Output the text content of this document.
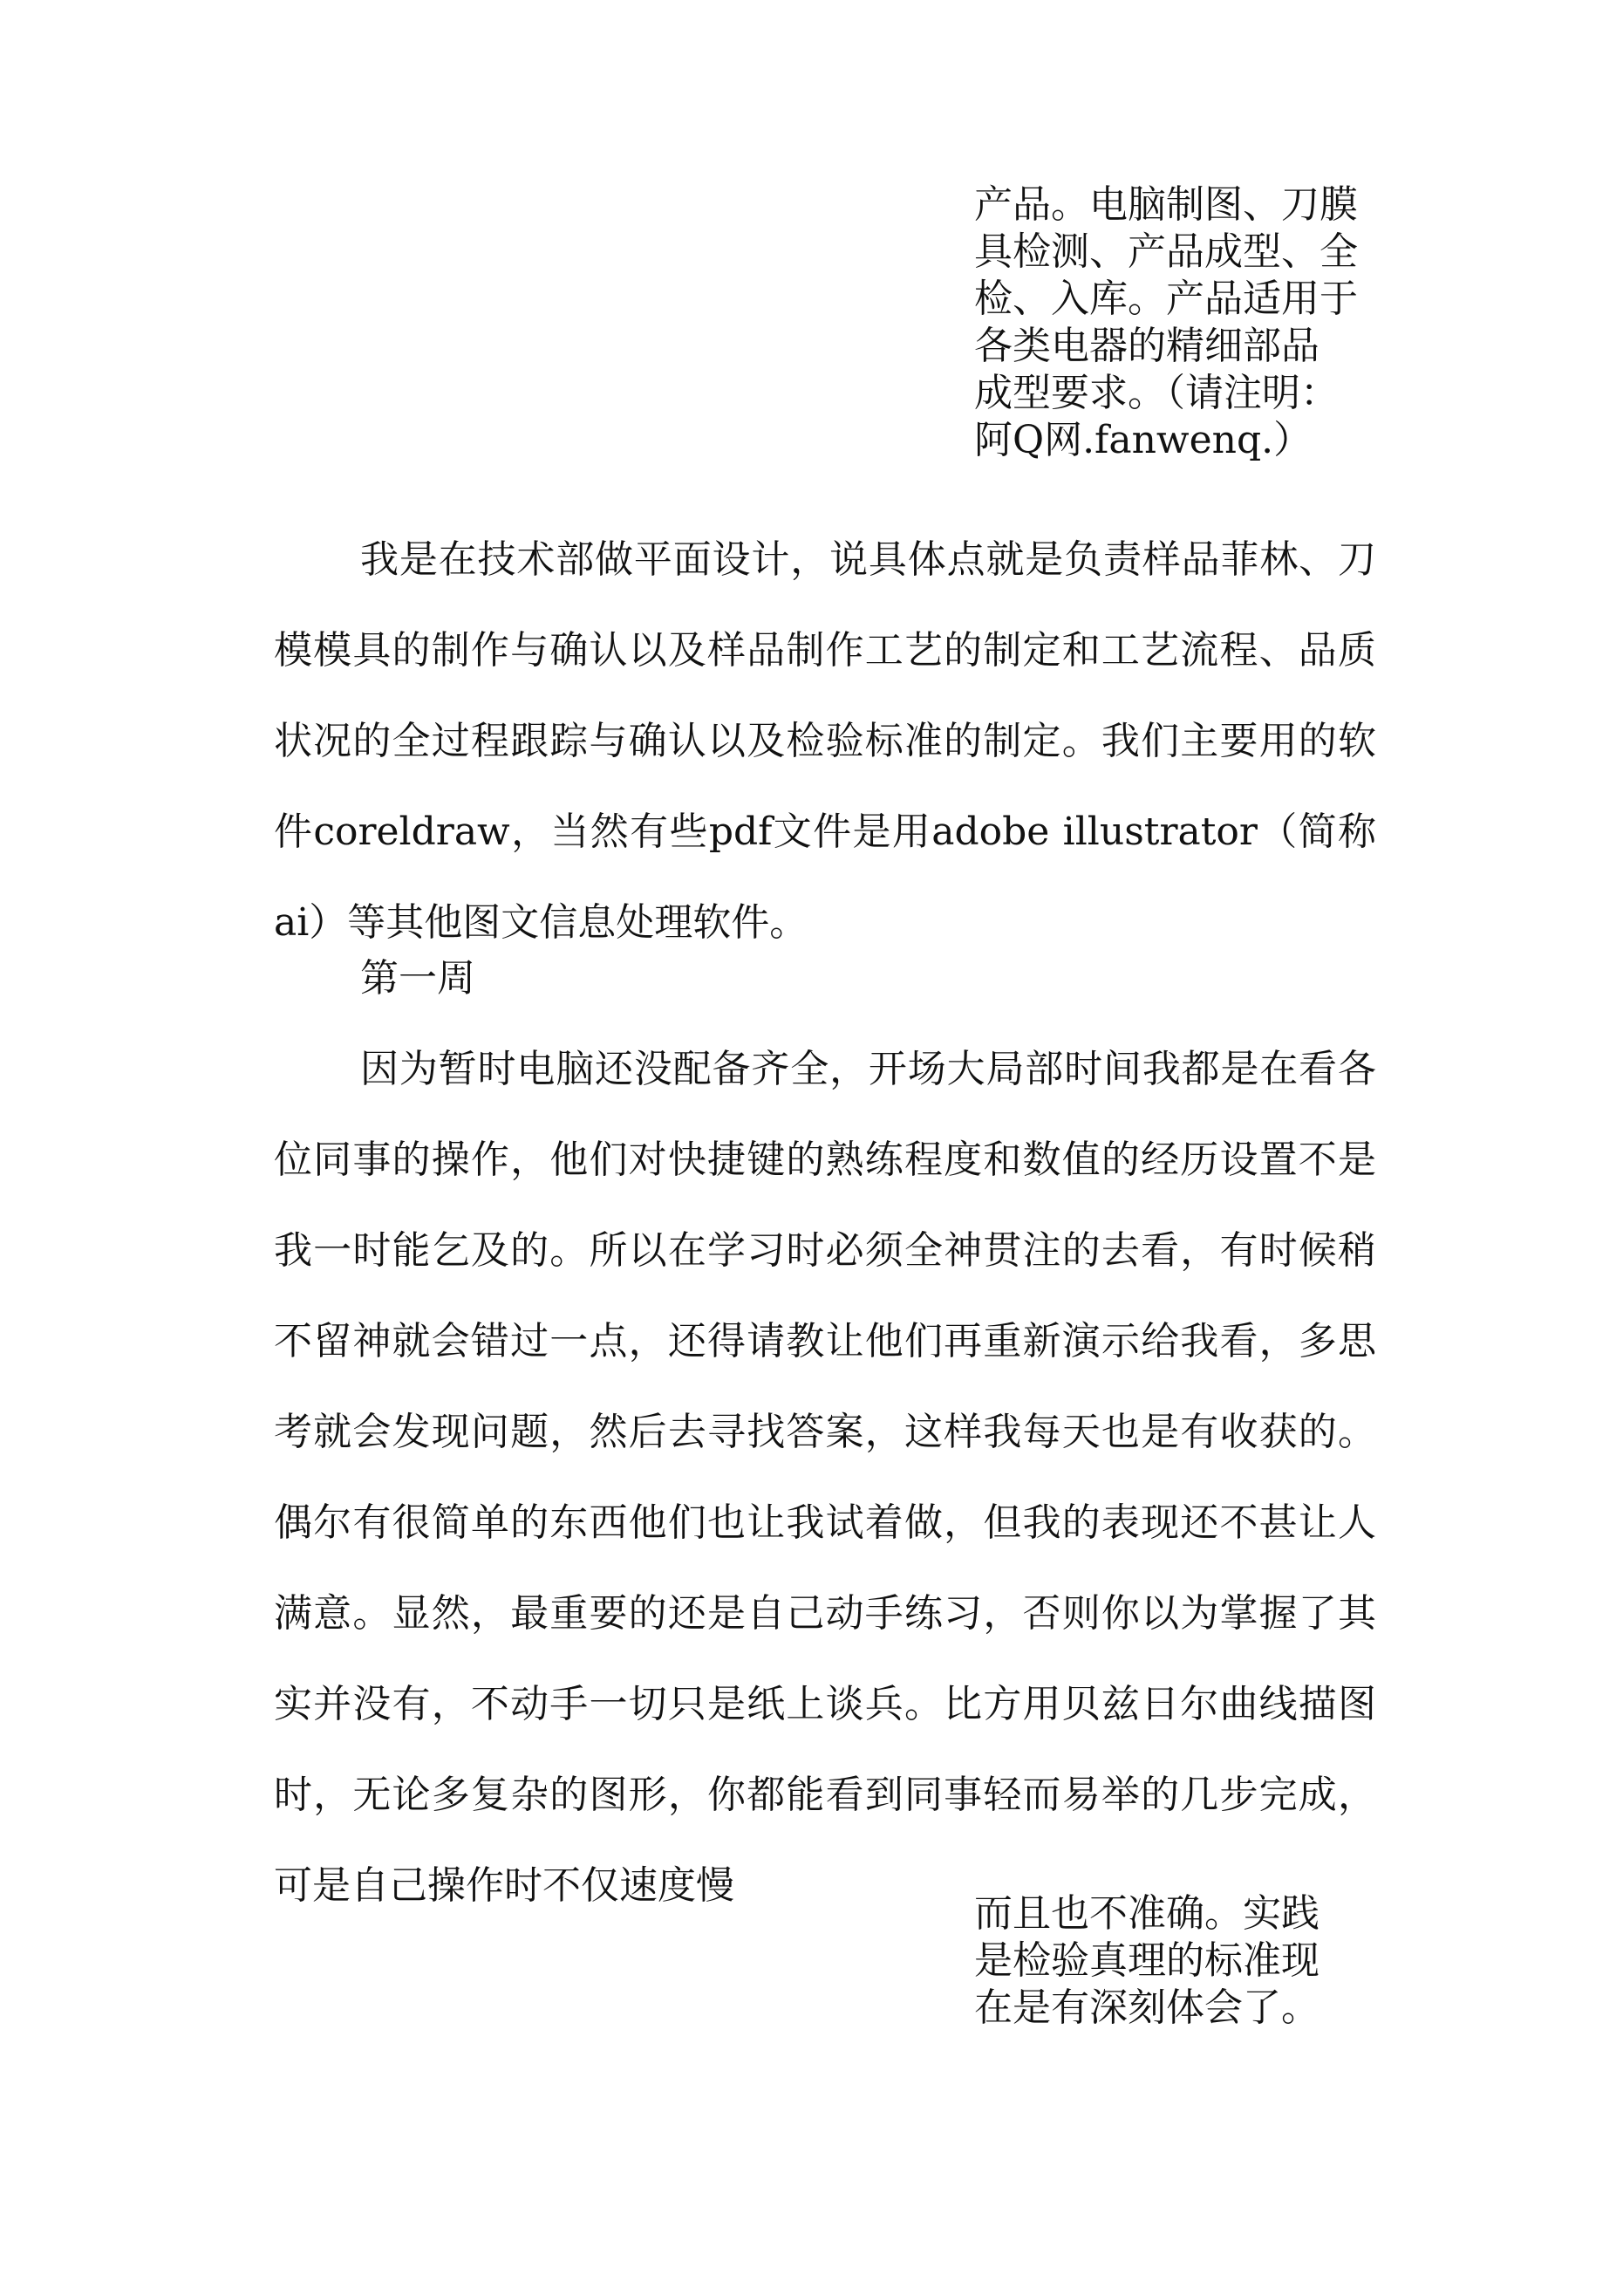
产品。电脑制图、刀膜
具检测、产品成型、全
检、入库。产品适用于
各类电器的精细部品
成型要求。（请注明：
阿Q网.fanwenq.）

我是在技术部做平面设计，说具体点就是负责样品菲林、刀模模具的制作与确认以及样品制作工艺的制定和工艺流程、品质状况的全过程跟踪与确认以及检验标准的制定。我们主要用的软件coreldraw，当然有些pdf文件是用adobe illustrator（简称ai）等其他图文信息处理软件。

第一周

因为暂时电脑还没配备齐全，开场大局部时间我都是在看各位同事的操作，他们对快捷键的熟练程度和数值的经历设置不是我一时能乞及的。所以在学习时必须全神贯注的去看，有时候稍不留神就会错过一点，还得请教让他们再重新演示给我看，多思考就会发现问题，然后去寻找答案，这样我每天也是有收获的。偶尔有很简单的东西他们也让我试着做，但我的表现还不甚让人满意。显然，最重要的还是自己动手练习，否则你以为掌握了其实并没有，不动手一切只是纸上谈兵。比方用贝兹日尔曲线描图时，无论多复杂的图形，你都能看到同事轻而易举的几步完成，可是自己操作时不仅速度慢

而且也不准确。实践
是检验真理的标准现
在是有深刻体会了。
